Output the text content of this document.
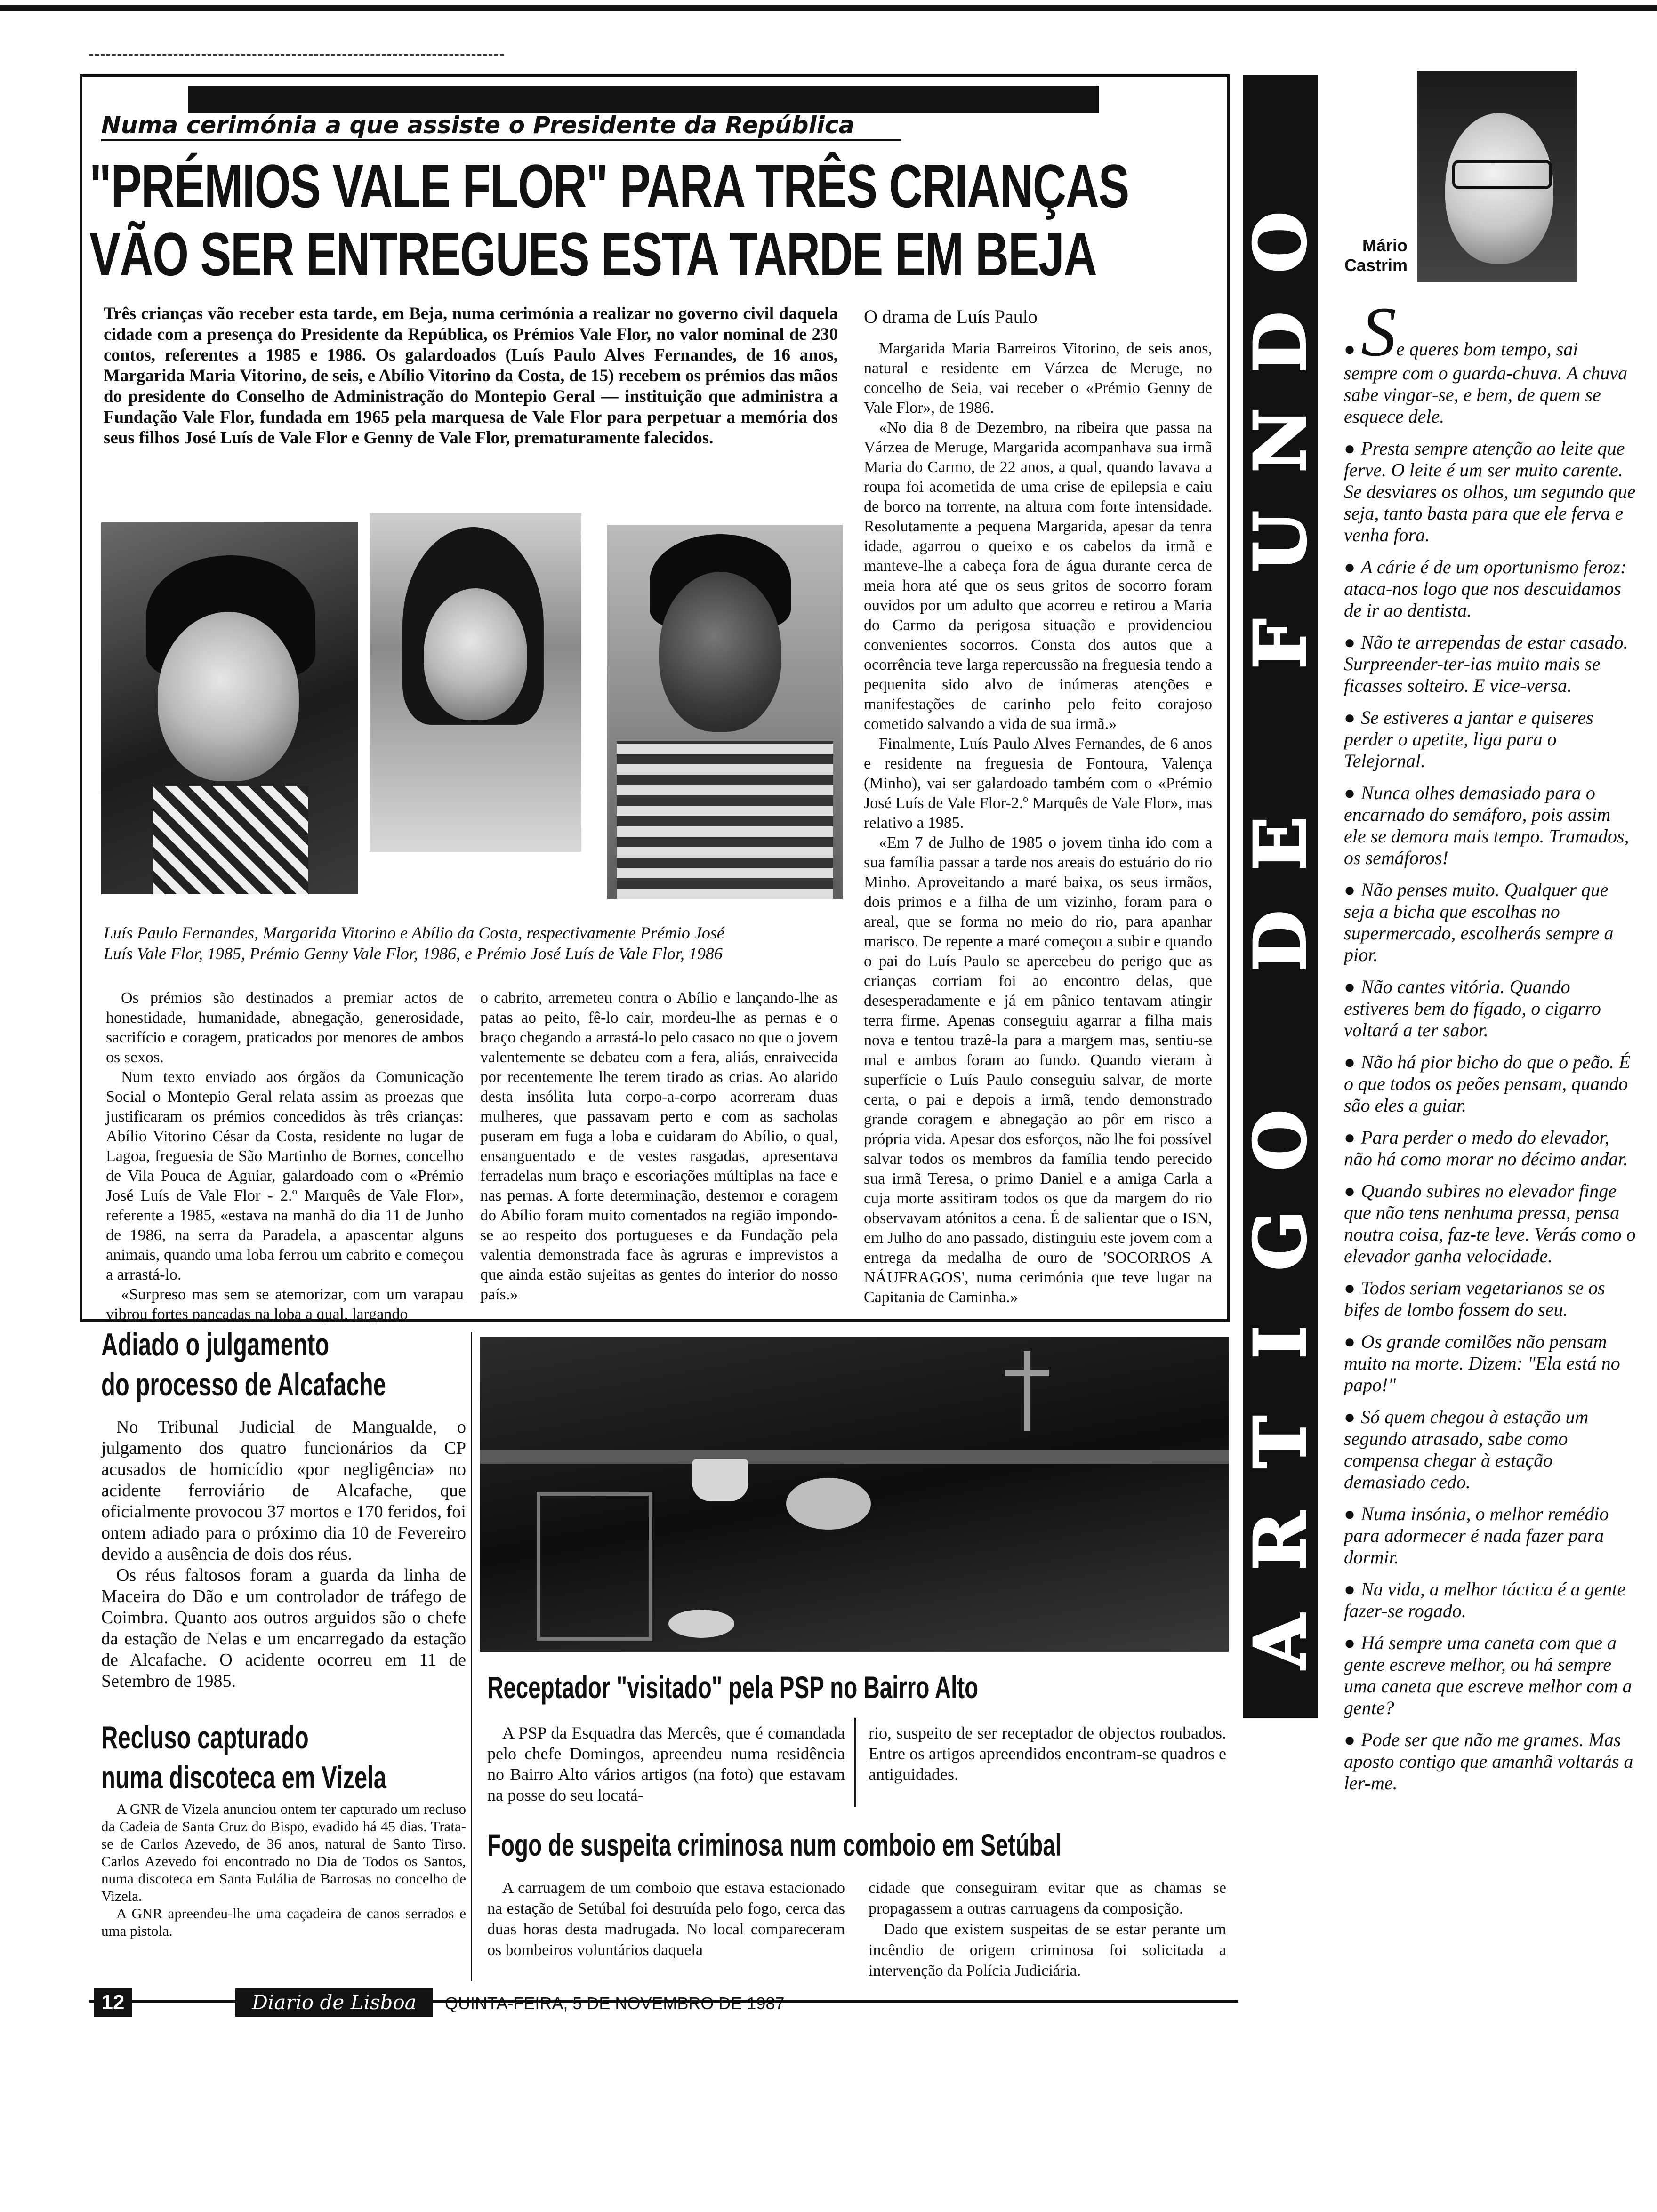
Numa cerimónia a que assiste o Presidente da República
"PRÉMIOS VALE FLOR" PARA TRÊS CRIANÇAS
VÃO SER ENTREGUES ESTA TARDE EM BEJA
Três crianças vão receber esta tarde, em Beja, numa cerimónia a realizar no governo civil daquela cidade com a presença do Presidente da República, os Prémios Vale Flor, no valor nominal de 230 contos, referentes a 1985 e 1986. Os galardoados (Luís Paulo Alves Fernandes, de 16 anos, Margarida Maria Vitorino, de seis, e Abílio Vitorino da Costa, de 15) recebem os prémios das mãos do presidente do Conselho de Administração do Montepio Geral — instituição que administra a Fundação Vale Flor, fundada em 1965 pela marquesa de Vale Flor para perpetuar a memória dos seus filhos José Luís de Vale Flor e Genny de Vale Flor, prematuramente falecidos.
Luís Paulo Fernandes, Margarida Vitorino e Abílio da Costa, respectivamente Prémio José
Luís Vale Flor, 1985, Prémio Genny Vale Flor, 1986, e Prémio José Luís de Vale Flor, 1986

Os prémios são destinados a premiar actos de honestidade, humanidade, abnegação, generosidade, sacrifício e coragem, praticados por menores de ambos os sexos.

Num texto enviado aos órgãos da Comunicação Social o Montepio Geral relata assim as proezas que justificaram os prémios concedidos às três crianças: Abílio Vitorino César da Costa, residente no lugar de Lagoa, freguesia de São Martinho de Bornes, concelho de Vila Pouca de Aguiar, galardoado com o «Prémio José Luís de Vale Flor - 2.º Marquês de Vale Flor», referente a 1985, «estava na manhã do dia 11 de Junho de 1986, na serra da Paradela, a apascentar alguns animais, quando uma loba ferrou um cabrito e começou a arrastá-lo.

«Surpreso mas sem se atemorizar, com um varapau vibrou fortes pancadas na loba a qual, largando

o cabrito, arremeteu contra o Abílio e lançando-lhe as patas ao peito, fê-lo cair, mordeu-lhe as pernas e o braço chegando a arrastá-lo pelo casaco no que o jovem valentemente se debateu com a fera, aliás, enraivecida por recentemente lhe terem tirado as crias. Ao alarido desta insólita luta corpo-a-corpo acorreram duas mulheres, que passavam perto e com as sacholas puseram em fuga a loba e cuidaram do Abílio, o qual, ensanguentado e de vestes rasgadas, apresentava ferradelas num braço e escoriações múltiplas na face e nas pernas. A forte determinação, destemor e coragem do Abílio foram muito comentados na região impondo-se ao respeito dos portugueses e da Fundação pela valentia demonstrada face às agruras e imprevistos a que ainda estão sujeitas as gentes do interior do nosso país.»

O drama de Luís Paulo

Margarida Maria Barreiros Vitorino, de seis anos, natural e residente em Várzea de Meruge, no concelho de Seia, vai receber o «Prémio Genny de Vale Flor», de 1986.

«No dia 8 de Dezembro, na ribeira que passa na Várzea de Meruge, Margarida acompanhava sua irmã Maria do Carmo, de 22 anos, a qual, quando lavava a roupa foi acometida de uma crise de epilepsia e caiu de borco na torrente, na altura com forte intensidade. Resolutamente a pequena Margarida, apesar da tenra idade, agarrou o queixo e os cabelos da irmã e manteve-lhe a cabeça fora de água durante cerca de meia hora até que os seus gritos de socorro foram ouvidos por um adulto que acorreu e retirou a Maria do Carmo da perigosa situação e providenciou convenientes socorros. Consta dos autos que a ocorrência teve larga repercussão na freguesia tendo a pequenita sido alvo de inúmeras atenções e manifestações de carinho pelo feito corajoso cometido salvando a vida de sua irmã.»

Finalmente, Luís Paulo Alves Fernandes, de 6 anos e residente na freguesia de Fontoura, Valença (Minho), vai ser galardoado também com o «Prémio José Luís de Vale Flor-2.º Marquês de Vale Flor», mas relativo a 1985.

«Em 7 de Julho de 1985 o jovem tinha ido com a sua família passar a tarde nos areais do estuário do rio Minho. Aproveitando a maré baixa, os seus irmãos, dois primos e a filha de um vizinho, foram para o areal, que se forma no meio do rio, para apanhar marisco. De repente a maré começou a subir e quando o pai do Luís Paulo se apercebeu do perigo que as crianças corriam foi ao encontro delas, que desesperadamente e já em pânico tentavam atingir terra firme. Apenas conseguiu agarrar a filha mais nova e tentou trazê-la para a margem mas, sentiu-se mal e ambos foram ao fundo. Quando vieram à superfície o Luís Paulo conseguiu salvar, de morte certa, o pai e depois a irmã, tendo demonstrado grande coragem e abnegação ao pôr em risco a própria vida. Apesar dos esforços, não lhe foi possível salvar todos os membros da família tendo perecido sua irmã Teresa, o primo Daniel e a amiga Carla a cuja morte assitiram todos os que da margem do rio observavam atónitos a cena. É de salientar que o ISN, em Julho do ano passado, distinguiu este jovem com a entrega da medalha de ouro de 'SOCORROS A NÁUFRAGOS', numa cerimónia que teve lugar na Capitania de Caminha.»

Adiado o julgamento
do processo de Alcafache

No Tribunal Judicial de Mangualde, o julgamento dos quatro funcionários da CP acusados de homicídio «por negligência» no acidente ferroviário de Alcafache, que oficialmente provocou 37 mortos e 170 feridos, foi ontem adiado para o próximo dia 10 de Fevereiro devido a ausência de dois dos réus.

Os réus faltosos foram a guarda da linha de Maceira do Dão e um controlador de tráfego de Coimbra. Quanto aos outros arguidos são o chefe da estação de Nelas e um encarregado da estação de Alcafache. O acidente ocorreu em 11 de Setembro de 1985.

Recluso capturado
numa discoteca em Vizela

A GNR de Vizela anunciou ontem ter capturado um recluso da Cadeia de Santa Cruz do Bispo, evadido há 45 dias. Trata-se de Carlos Azevedo, de 36 anos, natural de Santo Tirso. Carlos Azevedo foi encontrado no Dia de Todos os Santos, numa discoteca em Santa Eulália de Barrosas no concelho de Vizela.

A GNR apreendeu-lhe uma caçadeira de canos serrados e uma pistola.

Receptador "visitado" pela PSP no Bairro Alto
A PSP da Esquadra das Mercês, que é comandada pelo chefe Domingos, apreendeu numa residência no Bairro Alto vários artigos (na foto) que estavam na posse do seu locatá-
rio, suspeito de ser receptador de objectos roubados. Entre os artigos apreendidos encontram-se quadros e antiguidades.
Fogo de suspeita criminosa num comboio em Setúbal
A carruagem de um comboio que estava estacionado na estação de Setúbal foi destruída pelo fogo, cerca das duas horas desta madrugada. No local compareceram os bombeiros voluntários daquela

cidade que conseguiram evitar que as chamas se propagassem a outras carruagens da composição.

Dado que existem suspeitas de se estar perante um incêndio de origem criminosa foi solicitada a intervenção da Polícia Judiciária.

12	Diario de Lisboa	QUINTA-FEIRA, 5 DE NOVEMBRO DE 1987
A
R
T
I
G
O
D
E
F
U
N
D
O	Mário
Castrim
●Se queres bom tempo, sai sempre com o guarda-chuva. A chuva sabe vingar-se, e bem, de quem se esquece dele.
● Presta sempre atenção ao leite que ferve. O leite é um ser muito carente. Se desviares os olhos, um segundo que seja, tanto basta para que ele ferva e venha fora.
● A cárie é de um oportunismo feroz: ataca-nos logo que nos descuidamos de ir ao dentista.
● Não te arrependas de estar casado. Surpreender-ter-ias muito mais se ficasses solteiro. E vice-versa.
● Se estiveres a jantar e quiseres perder o apetite, liga para o Telejornal.
● Nunca olhes demasiado para o encarnado do semáforo, pois assim ele se demora mais tempo. Tramados, os semáforos!
● Não penses muito. Qualquer que seja a bicha que escolhas no supermercado, escolherás sempre a pior.
● Não cantes vitória. Quando estiveres bem do fígado, o cigarro voltará a ter sabor.
● Não há pior bicho do que o peão. É o que todos os peões pensam, quando são eles a guiar.
● Para perder o medo do elevador, não há como morar no décimo andar.
● Quando subires no elevador finge que não tens nenhuma pressa, pensa noutra coisa, faz-te leve. Verás como o elevador ganha velocidade.
● Todos seriam vegetarianos se os bifes de lombo fossem do seu.
● Os grande comilões não pensam muito na morte. Dizem: "Ela está no papo!"
● Só quem chegou à estação um segundo atrasado, sabe como compensa chegar à estação demasiado cedo.
● Numa insónia, o melhor remédio para adormecer é nada fazer para dormir.
● Na vida, a melhor táctica é a gente fazer-se rogado.
● Há sempre uma caneta com que a gente escreve melhor, ou há sempre uma caneta que escreve melhor com a gente?
● Pode ser que não me grames. Mas aposto contigo que amanhã voltarás a ler-me.
